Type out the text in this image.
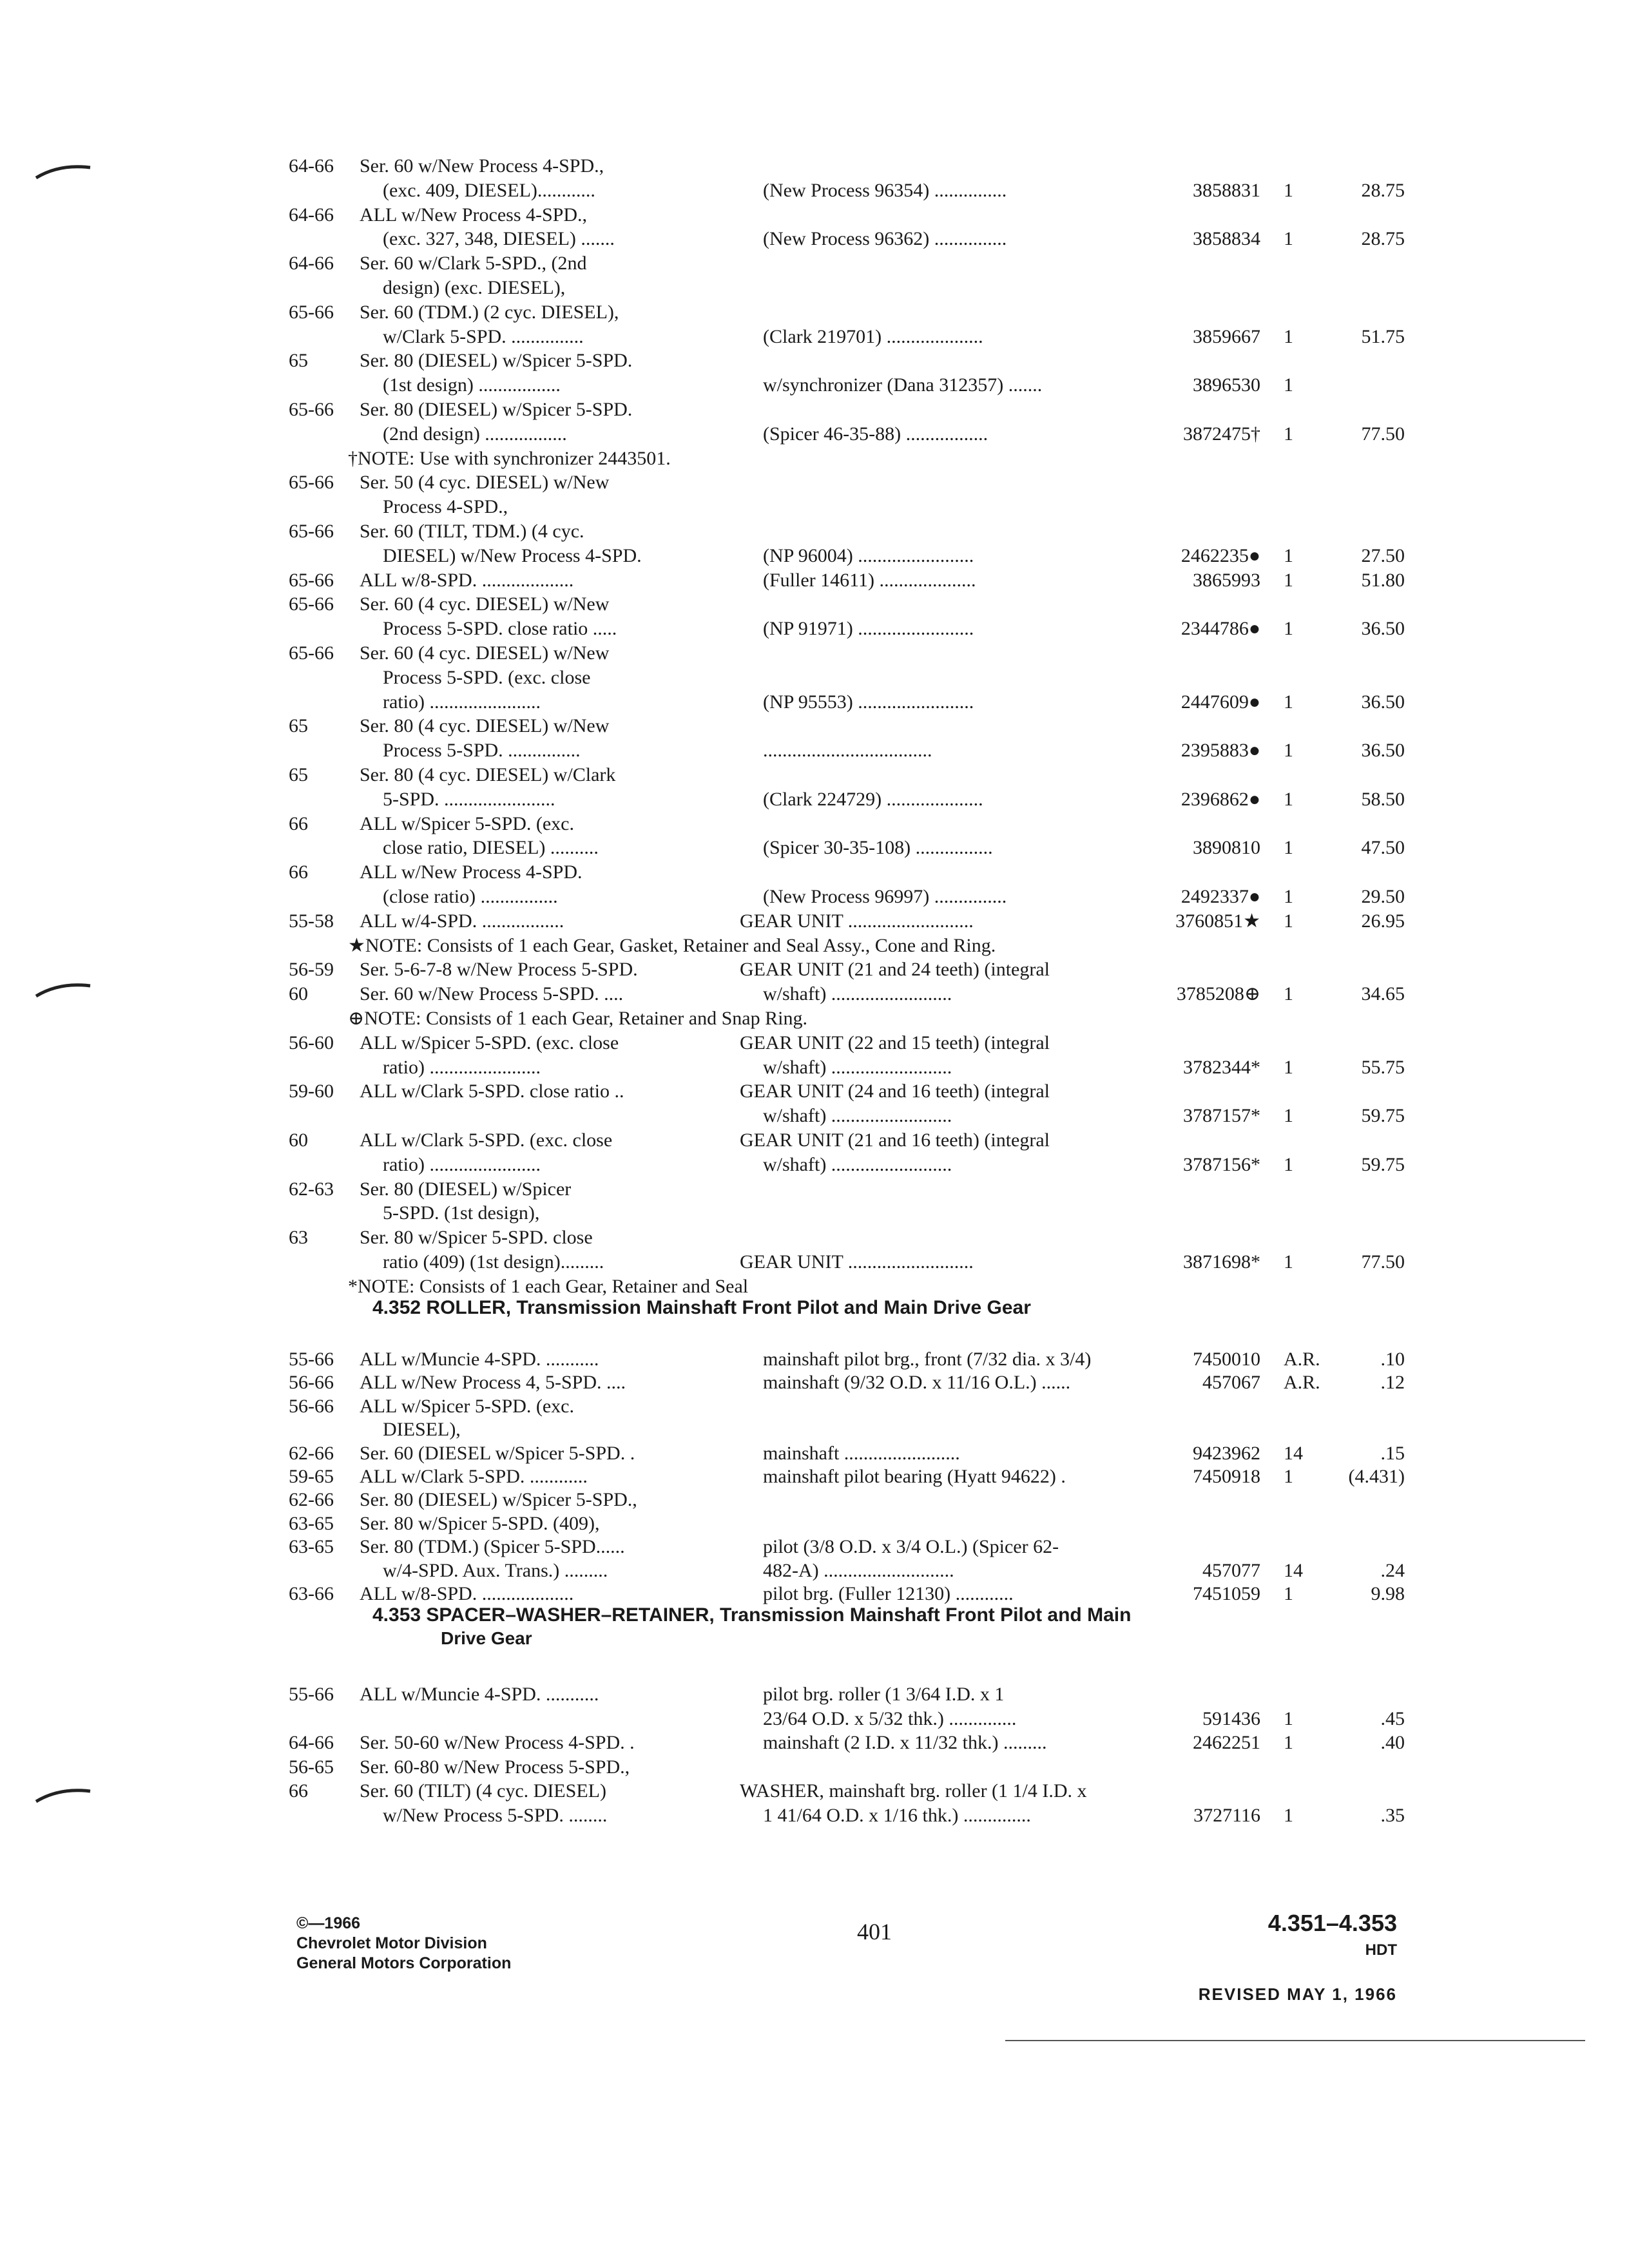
64-66 Ser. 60 w/New Process 4-SPD.,
(exc. 409, DIESEL)............	(New Process 96354) ...............	3858831 1	28.75
64-66 ALL w/New Process 4-SPD.,
(exc. 327, 348, DIESEL) .......	(New Process 96362) ...............	3858834 1	28.75
64-66 Ser. 60 w/Clark 5-SPD., (2nd
design) (exc. DIESEL),
65-66 Ser. 60 (TDM.) (2 cyc. DIESEL),
w/Clark 5-SPD. ...............	(Clark 219701) ....................	3859667 1	51.75
65	Ser. 80 (DIESEL) w/Spicer 5-SPD.
(1st design) .................	w/synchronizer (Dana 312357) .......	3896530 1
65-66 Ser. 80 (DIESEL) w/Spicer 5-SPD.
(2nd design) .................	(Spicer 46-35-88) .................	3872475† 1	77.50
†NOTE: Use with synchronizer 2443501.
65-66 Ser. 50 (4 cyc. DIESEL) w/New
Process 4-SPD.,
65-66 Ser. 60 (TILT, TDM.) (4 cyc.
DIESEL) w/New Process 4-SPD.	(NP 96004) ........................	2462235● 1	27.50
65-66 ALL w/8-SPD. ...................	(Fuller 14611) ....................	3865993 1	51.80
65-66 Ser. 60 (4 cyc. DIESEL) w/New
Process 5-SPD. close ratio .....	(NP 91971) ........................	2344786● 1	36.50
65-66 Ser. 60 (4 cyc. DIESEL) w/New
Process 5-SPD. (exc. close
ratio) .......................	(NP 95553) ........................	2447609● 1	36.50
65	Ser. 80 (4 cyc. DIESEL) w/New
Process 5-SPD. ...............	...................................	2395883● 1	36.50
65	Ser. 80 (4 cyc. DIESEL) w/Clark
5-SPD. .......................	(Clark 224729) ....................	2396862● 1	58.50
66	ALL w/Spicer 5-SPD. (exc.
close ratio, DIESEL) ..........	(Spicer 30-35-108) ................	3890810 1	47.50
66	ALL w/New Process 4-SPD.
(close ratio) ................	(New Process 96997) ...............	2492337● 1	29.50
55-58 ALL w/4-SPD. .................	GEAR UNIT ..........................	3760851★ 1	26.95
★NOTE: Consists of 1 each Gear, Gasket, Retainer and Seal Assy., Cone and Ring.
56-59 Ser. 5-6-7-8 w/New Process 5-SPD.	GEAR UNIT (21 and 24 teeth) (integral
60	Ser. 60 w/New Process 5-SPD. ....	w/shaft) .........................	3785208⊕ 1	34.65
⊕NOTE: Consists of 1 each Gear, Retainer and Snap Ring.
56-60 ALL w/Spicer 5-SPD. (exc. close	GEAR UNIT (22 and 15 teeth) (integral
ratio) .......................	w/shaft) .........................	3782344* 1	55.75
59-60 ALL w/Clark 5-SPD. close ratio ..	GEAR UNIT (24 and 16 teeth) (integral
w/shaft) .........................	3787157* 1	59.75
60	ALL w/Clark 5-SPD. (exc. close	GEAR UNIT (21 and 16 teeth) (integral
ratio) .......................	w/shaft) .........................	3787156* 1	59.75
62-63 Ser. 80 (DIESEL) w/Spicer
5-SPD. (1st design),
63	Ser. 80 w/Spicer 5-SPD. close
ratio (409) (1st design).........	GEAR UNIT ..........................	3871698* 1	77.50
*NOTE: Consists of 1 each Gear, Retainer and Seal
4.352 ROLLER, Transmission Mainshaft Front Pilot and Main Drive Gear
55-66 ALL w/Muncie 4-SPD. ...........	mainshaft pilot brg., front (7/32 dia. x 3/4)	7450010 A.R.	.10
56-66 ALL w/New Process 4, 5-SPD. ....	mainshaft (9/32 O.D. x 11/16 O.L.) ......	457067 A.R.	.12
56-66 ALL w/Spicer 5-SPD. (exc.
DIESEL),
62-66 Ser. 60 (DIESEL w/Spicer 5-SPD. .	mainshaft ........................	9423962 14	.15
59-65 ALL w/Clark 5-SPD. ............	mainshaft pilot bearing (Hyatt 94622) .	7450918 1	(4.431)
62-66 Ser. 80 (DIESEL) w/Spicer 5-SPD.,
63-65 Ser. 80 w/Spicer 5-SPD. (409),
63-65 Ser. 80 (TDM.) (Spicer 5-SPD......	pilot (3/8 O.D. x 3/4 O.L.) (Spicer 62-
w/4-SPD. Aux. Trans.) .........	482-A) ...........................	457077 14	.24
63-66 ALL w/8-SPD. ...................	pilot brg. (Fuller 12130) ............	7451059 1	9.98
4.353 SPACER–WASHER–RETAINER, Transmission Mainshaft Front Pilot and Main
Drive Gear
55-66 ALL w/Muncie 4-SPD. ...........	pilot brg. roller (1 3/64 I.D. x 1
23/64 O.D. x 5/32 thk.) ..............	591436 1	.45
64-66 Ser. 50-60 w/New Process 4-SPD. .	mainshaft (2 I.D. x 11/32 thk.) .........	2462251 1	.40
56-65 Ser. 60-80 w/New Process 5-SPD.,
66	Ser. 60 (TILT) (4 cyc. DIESEL)	WASHER, mainshaft brg. roller (1 1/4 I.D. x
w/New Process 5-SPD. ........	1 41/64 O.D. x 1/16 thk.) ..............	3727116 1	.35
©—1966
Chevrolet Motor Division
General Motors Corporation
401	4.351–4.353
HDT
REVISED MAY 1, 1966
